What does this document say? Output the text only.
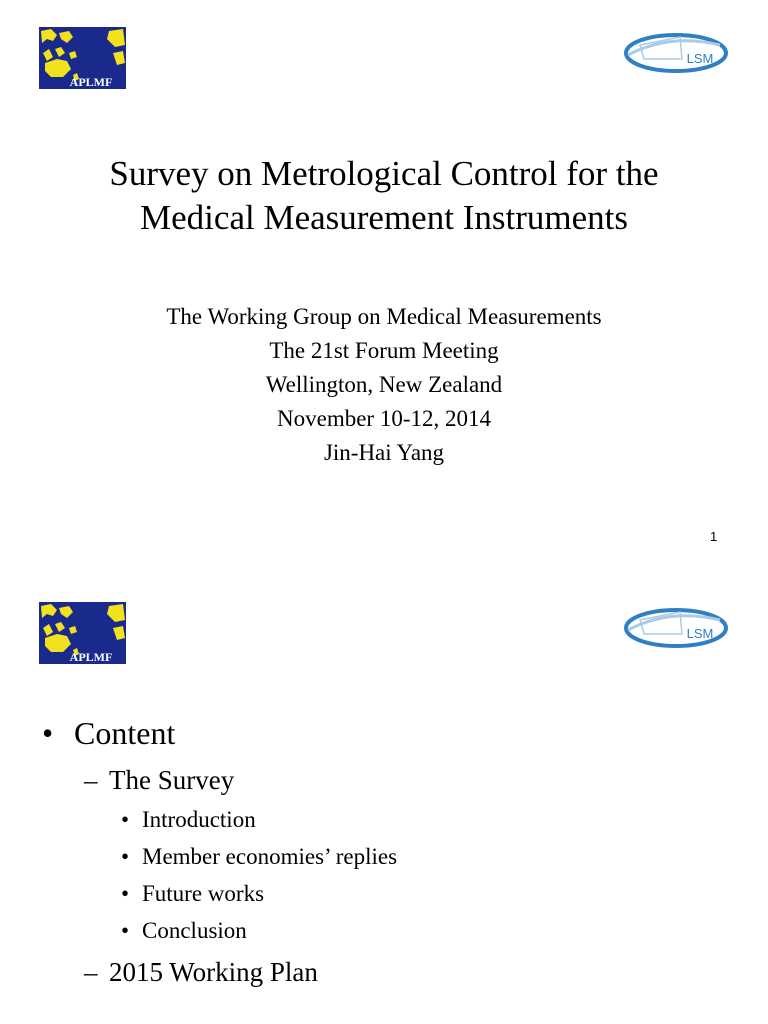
APLMF
LSM
Survey on Metrological Control for the
Medical Measurement Instruments
The Working Group on Medical Measurements
The 21st Forum Meeting
Wellington, New Zealand
November 10-12, 2014
Jin-Hai Yang
1
APLMF
LSM
• Content
– The Survey
• Introduction
• Member economies’ replies
• Future works
• Conclusion
– 2015 Working Plan
